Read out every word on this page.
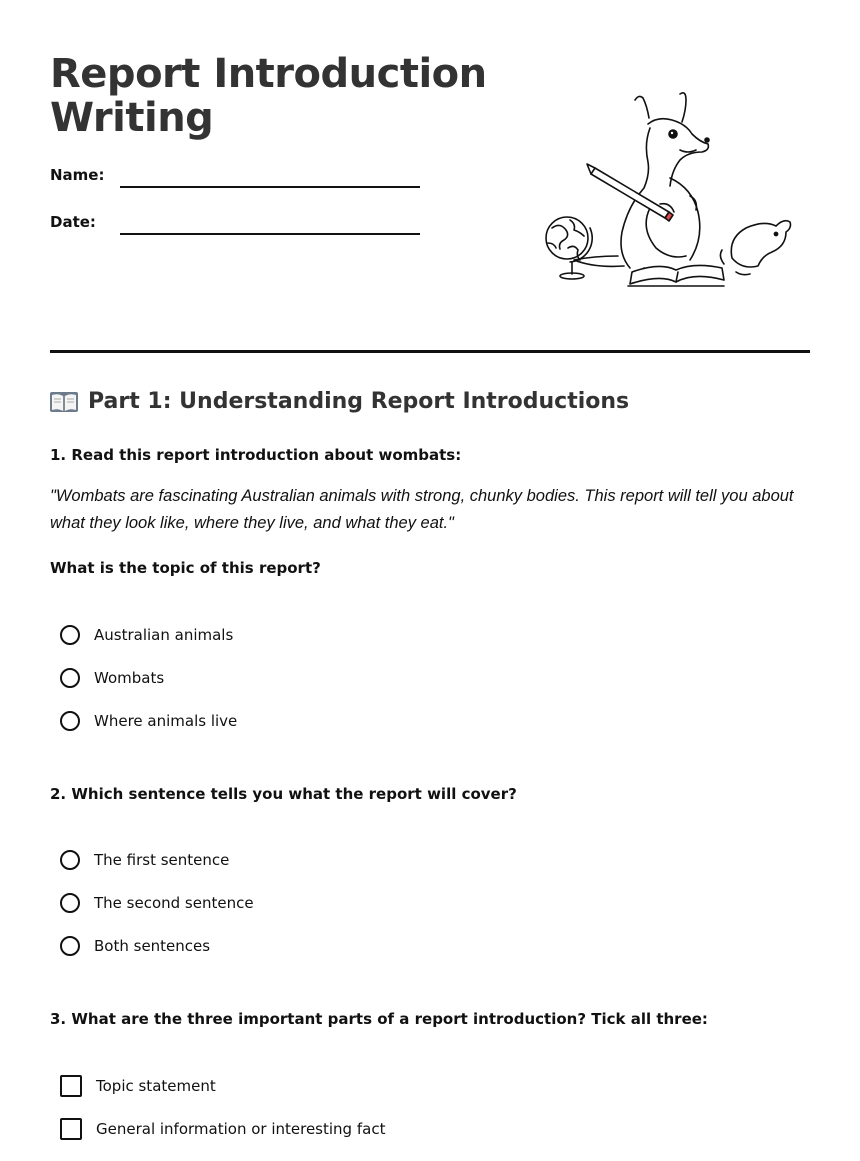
Report Introduction
Writing
Name:
Date:
Part 1: Understanding Report Introductions
1. Read this report introduction about wombats:
"Wombats are fascinating Australian animals with strong, chunky bodies. This report will tell you about what they look like, where they live, and what they eat."
What is the topic of this report?
Australian animals
Wombats
Where animals live
2. Which sentence tells you what the report will cover?
The first sentence
The second sentence
Both sentences
3. What are the three important parts of a report introduction? Tick all three:
Topic statement
General information or interesting fact
